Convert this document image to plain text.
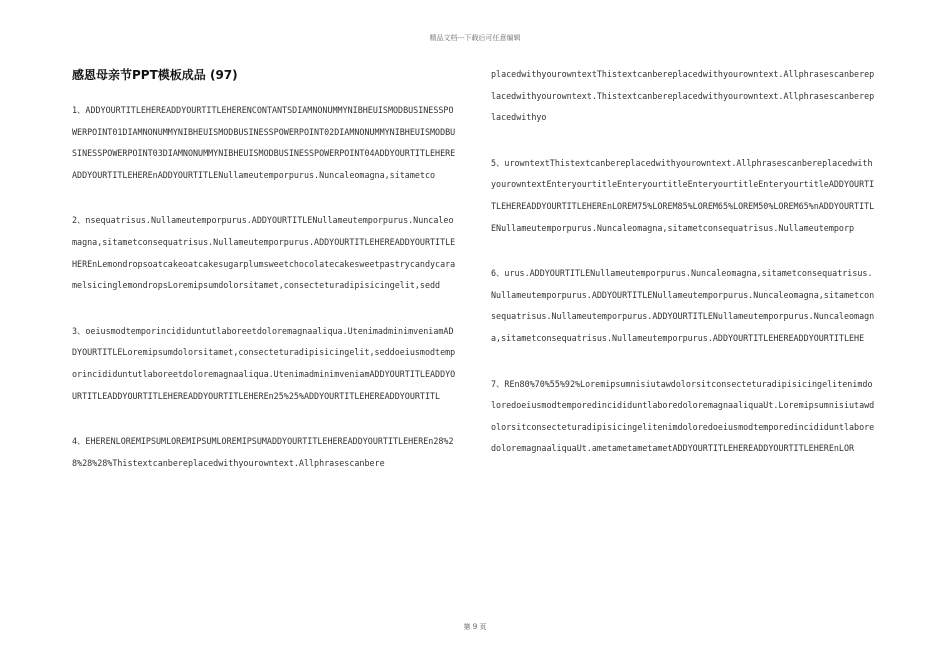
精品文档---下载后可任意编辑
感恩母亲节PPT模板成品 (97)

1、ADDYOURTITLEHEREADDYOURTITLEHERENCONTANTSDIAMNONUMMYNIBHEUISMODBUSINESSPOWERPOINT01DIAMNONUMMYNIBHEUISMODBUSINESSPOWERPOINT02DIAMNONUMMYNIBHEUISMODBUSINESSPOWERPOINT03DIAMNONUMMYNIBHEUISMODBUSINESSPOWERPOINT04ADDYOURTITLEHEREADDYOURTITLEHEREnADDYOURTITLENullameutemporpurus.Nuncaleomagna,sitametco

2、nsequatrisus.Nullameutemporpurus.ADDYOURTITLENullameutemporpurus.Nuncaleomagna,sitametconsequatrisus.Nullameutemporpurus.ADDYOURTITLEHEREADDYOURTITLEHEREnLemondropsoatcakeoatcakesugarplumsweetchocolatecakesweetpastrycandycaramelsicinglemondropsLoremipsumdolorsitamet,consecteturadipisicingelit,sedd

3、oeiusmodtemporincididuntutlaboreetdoloremagnaaliqua.UtenimadminimveniamADDYOURTITLELoremipsumdolorsitamet,consecteturadipisicingelit,seddoeiusmodtemporincididuntutlaboreetdoloremagnaaliqua.UtenimadminimveniamADDYOURTITLEADDYOURTITLEADDYOURTITLEHEREADDYOURTITLEHEREn25%25%ADDYOURTITLEHEREADDYOURTITL

4、EHERENLOREMIPSUMLOREMIPSUMLOREMIPSUMADDYOURTITLEHEREADDYOURTITLEHEREn28%28%28%28%Thistextcanbereplacedwithyourowntext.Allphrasescanbere

placedwithyourowntextThistextcanbereplacedwithyourowntext.Allphrasescanbereplacedwithyourowntext.Thistextcanbereplacedwithyourowntext.Allphrasescanbereplacedwithyo

5、urowntextThistextcanbereplacedwithyourowntext.AllphrasescanbereplacedwithyourowntextEnteryourtitleEnteryourtitleEnteryourtitleEnteryourtitleADDYOURTITLEHEREADDYOURTITLEHEREnLOREM75%LOREM85%LOREM65%LOREM50%LOREM65%nADDYOURTITLENullameutemporpurus.Nuncaleomagna,sitametconsequatrisus.Nullameutemporp

6、urus.ADDYOURTITLENullameutemporpurus.Nuncaleomagna,sitametconsequatrisus.Nullameutemporpurus.ADDYOURTITLENullameutemporpurus.Nuncaleomagna,sitametconsequatrisus.Nullameutemporpurus.ADDYOURTITLENullameutemporpurus.Nuncaleomagna,sitametconsequatrisus.Nullameutemporpurus.ADDYOURTITLEHEREADDYOURTITLEHE

7、REn80%70%55%92%LoremipsumnisiutawdolorsitconsecteturadipisicingelitenimdoloredoeiusmodtemporedincididuntlaboredoloremagnaaliquaUt.LoremipsumnisiutawdolorsitconsecteturadipisicingelitenimdoloredoeiusmodtemporedincididuntlaboredoloremagnaaliquaUt.ametametametametADDYOURTITLEHEREADDYOURTITLEHEREnLOR

第 9 页
